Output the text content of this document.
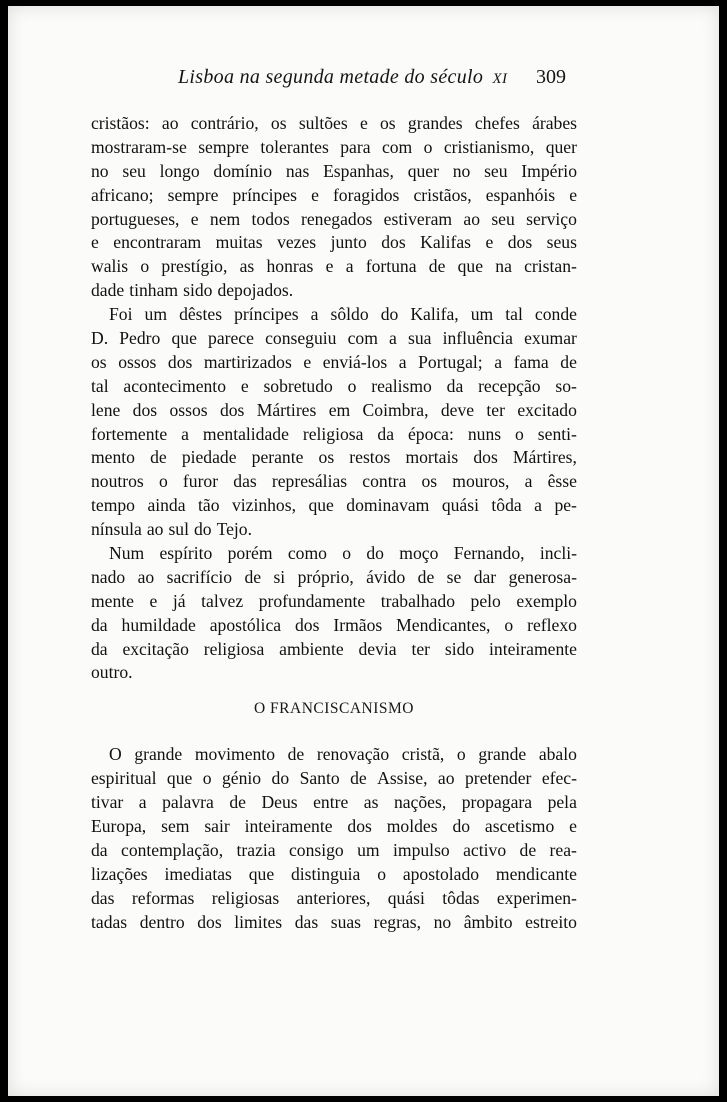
Lisboa na segunda metade do século XI 309
cristãos: ao contrário, os sultões e os grandes chefes árabes
mostraram-se sempre tolerantes para com o cristianismo, quer
no seu longo domínio nas Espanhas, quer no seu Império
africano; sempre príncipes e foragidos cristãos, espanhóis e
portugueses, e nem todos renegados estiveram ao seu serviço
e encontraram muitas vezes junto dos Kalifas e dos seus
walis o prestígio, as honras e a fortuna de que na cristan-
dade tinham sido depojados.
Foi um dêstes príncipes a sôldo do Kalifa, um tal conde
D. Pedro que parece conseguiu com a sua influência exumar
os ossos dos martirizados e enviá-los a Portugal; a fama de
tal acontecimento e sobretudo o realismo da recepção so-
lene dos ossos dos Mártires em Coimbra, deve ter excitado
fortemente a mentalidade religiosa da época: nuns o senti-
mento de piedade perante os restos mortais dos Mártires,
noutros o furor das represálias contra os mouros, a êsse
tempo ainda tão vizinhos, que dominavam quási tôda a pe-
nínsula ao sul do Tejo.
Num espírito porém como o do moço Fernando, incli-
nado ao sacrifício de si próprio, ávido de se dar generosa-
mente e já talvez profundamente trabalhado pelo exemplo
da humildade apostólica dos Irmãos Mendicantes, o reflexo
da excitação religiosa ambiente devia ter sido inteiramente
outro.
O FRANCISCANISMO
O grande movimento de renovação cristã, o grande abalo
espiritual que o génio do Santo de Assise, ao pretender efec-
tivar a palavra de Deus entre as nações, propagara pela
Europa, sem sair inteiramente dos moldes do ascetismo e
da contemplação, trazia consigo um impulso activo de rea-
lizações imediatas que distinguia o apostolado mendicante
das reformas religiosas anteriores, quási tôdas experimen-
tadas dentro dos limites das suas regras, no âmbito estreito
